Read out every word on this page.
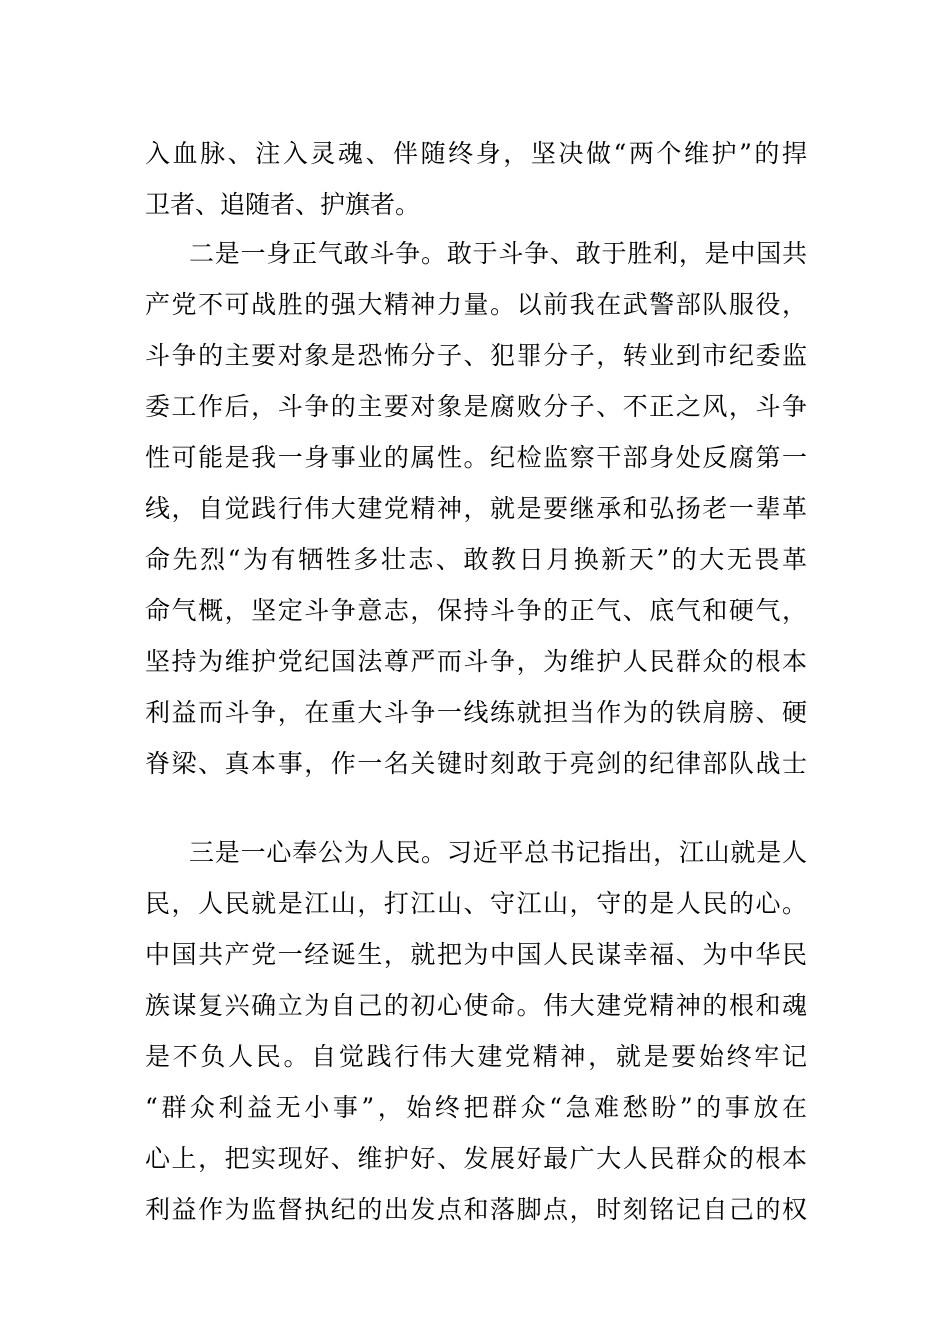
入血脉、注入灵魂、伴随终身，坚决做“两个维护”的捍
卫者、追随者、护旗者。
二是一身正气敢斗争。敢于斗争、敢于胜利，是中国共
产党不可战胜的强大精神力量。以前我在武警部队服役，
斗争的主要对象是恐怖分子、犯罪分子，转业到市纪委监
委工作后，斗争的主要对象是腐败分子、不正之风，斗争
性可能是我一身事业的属性。纪检监察干部身处反腐第一
线，自觉践行伟大建党精神，就是要继承和弘扬老一辈革
命先烈“为有牺牲多壮志、敢教日月换新天”的大无畏革
命气概，坚定斗争意志，保持斗争的正气、底气和硬气，
坚持为维护党纪国法尊严而斗争，为维护人民群众的根本
利益而斗争，在重大斗争一线练就担当作为的铁肩膀、硬
脊梁、真本事，作一名关键时刻敢于亮剑的纪律部队战士
三是一心奉公为人民。习近平总书记指出，江山就是人
民，人民就是江山，打江山、守江山，守的是人民的心。
中国共产党一经诞生，就把为中国人民谋幸福、为中华民
族谋复兴确立为自己的初心使命。伟大建党精神的根和魂
是不负人民。自觉践行伟大建党精神，就是要始终牢记
“群众利益无小事”，始终把群众“急难愁盼”的事放在
心上，把实现好、维护好、发展好最广大人民群众的根本
利益作为监督执纪的出发点和落脚点，时刻铭记自己的权
